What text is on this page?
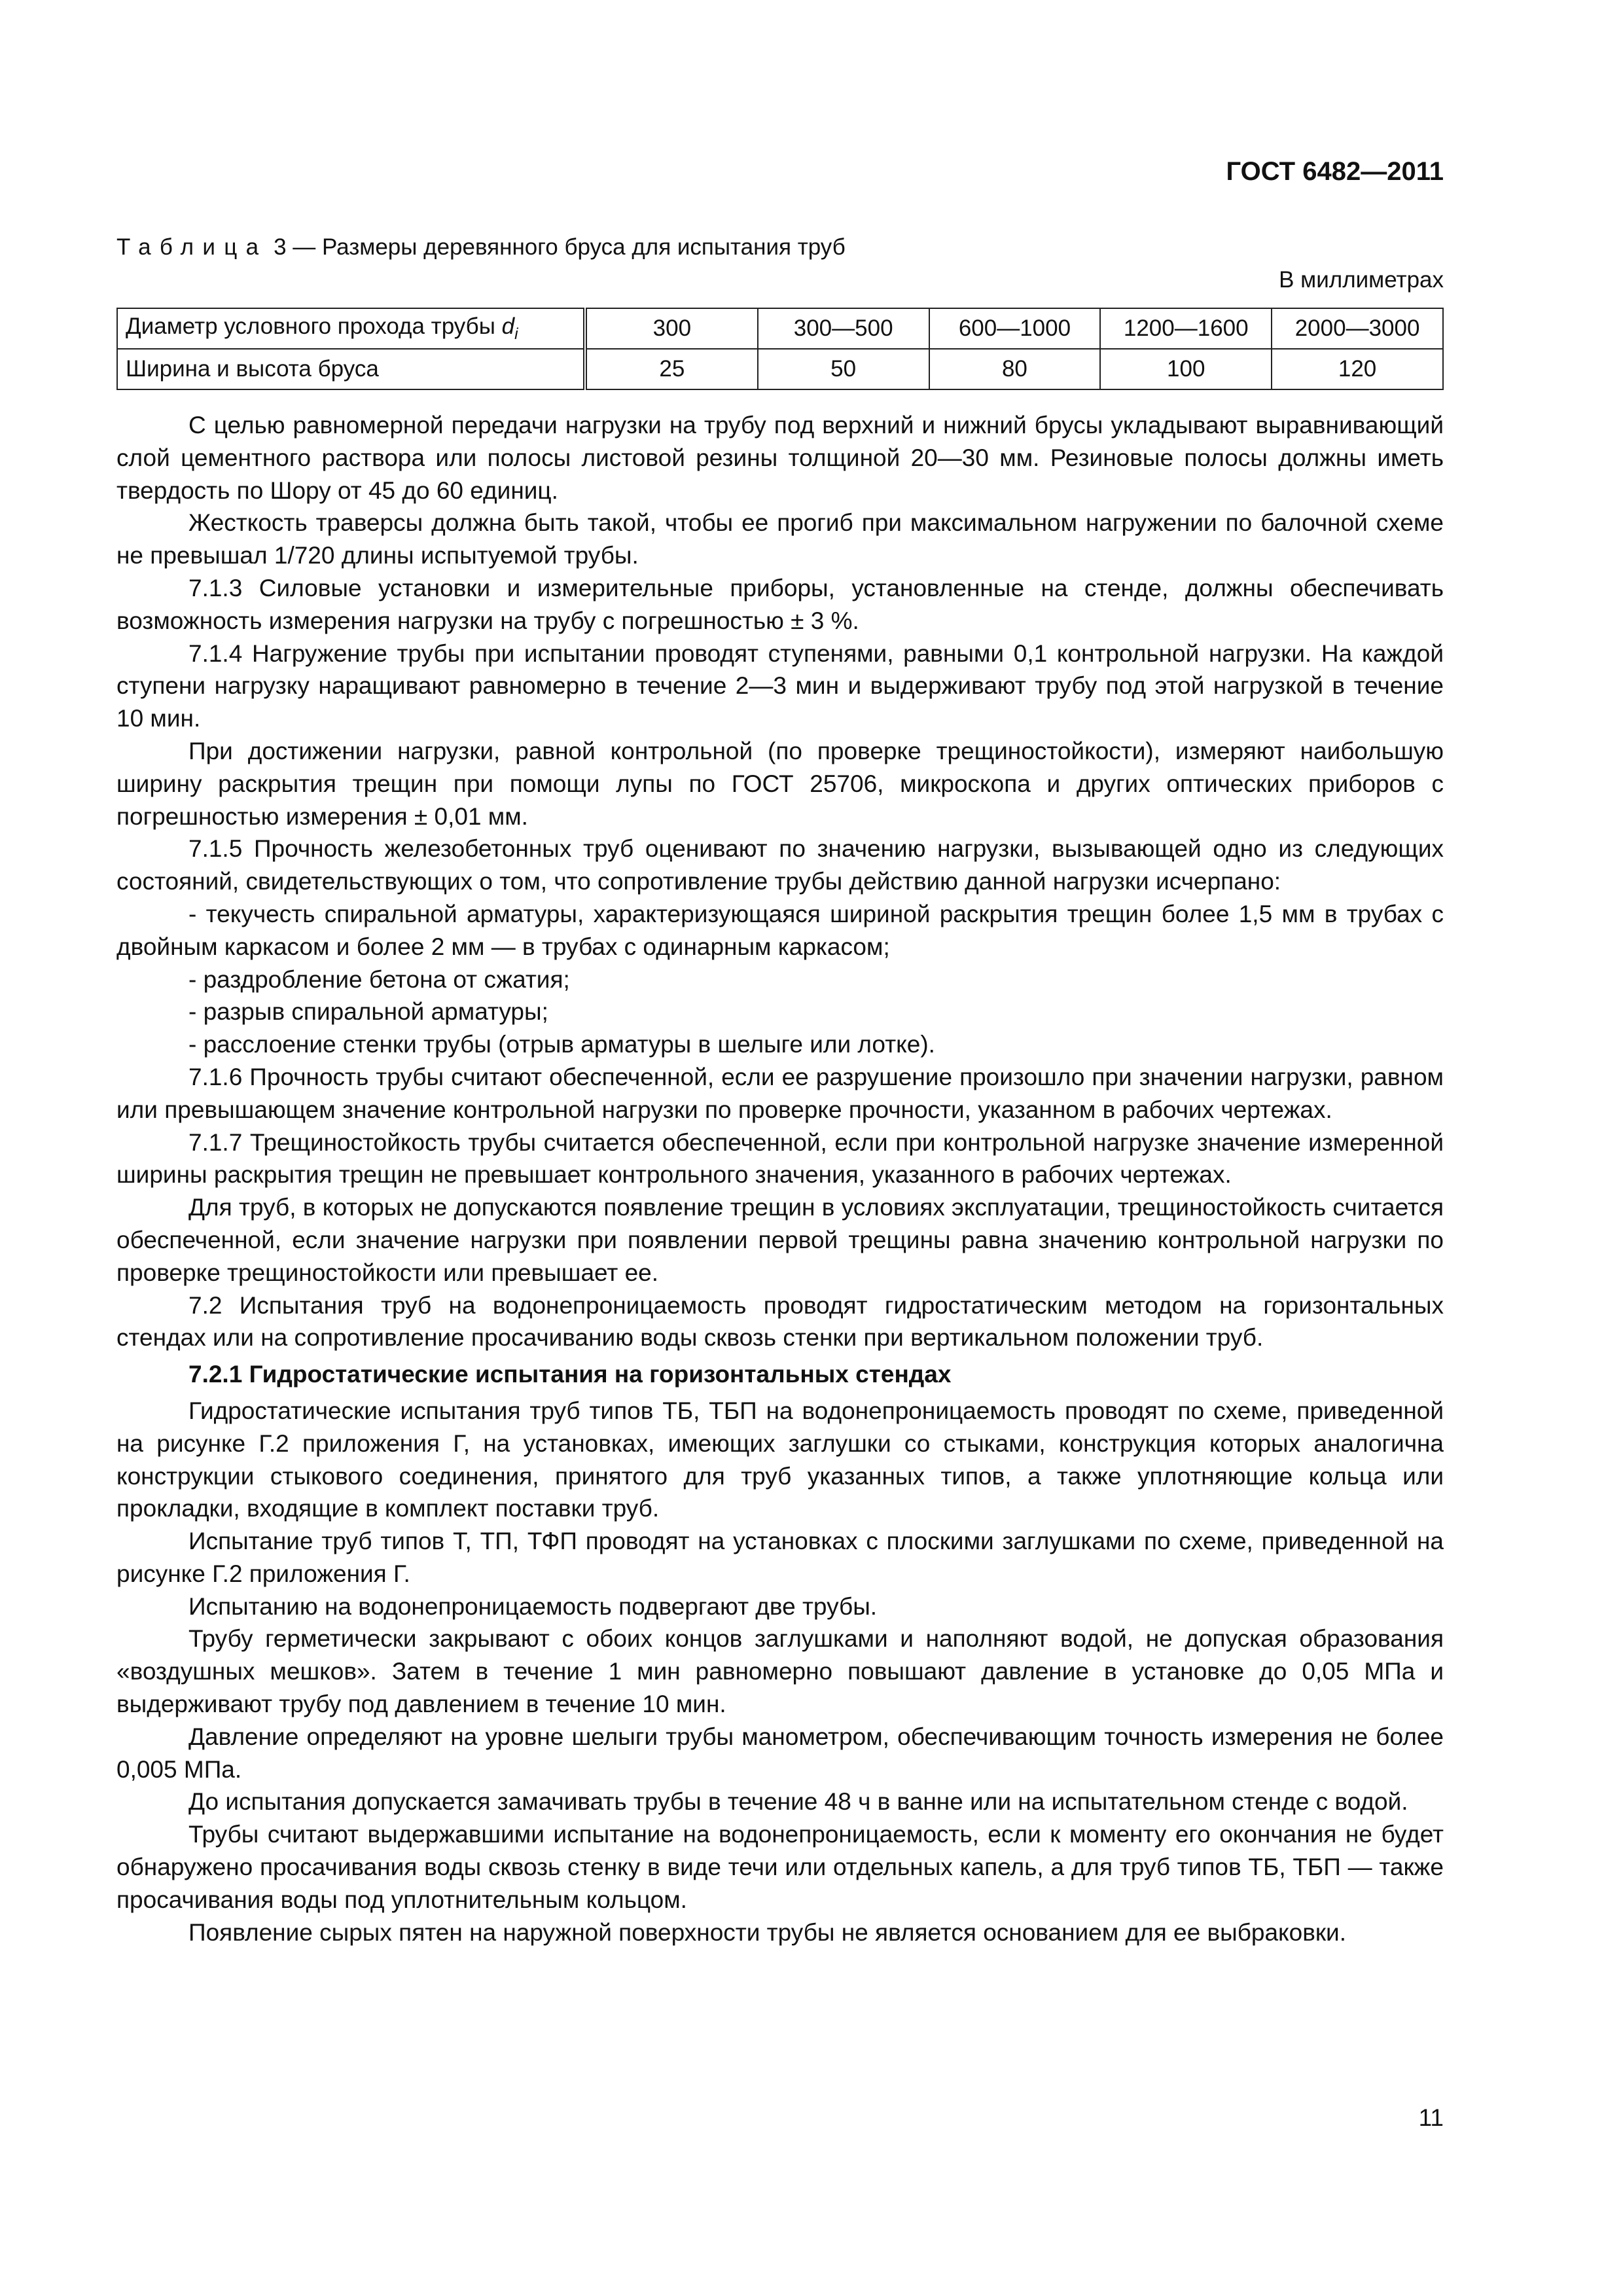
ГОСТ 6482—2011
Таблица 3 — Размеры деревянного бруса для испытания труб
В миллиметрах
Диаметр условного прохода трубы $d_i$	300	300—500	600—1000	1200—1600	2000—3000
Ширина и высота бруса	25	50	80	100	120

С целью равномерной передачи нагрузки на трубу под верхний и нижний брусы укладывают выравнивающий слой цементного раствора или полосы листовой резины толщиной 20—30 мм. Резиновые полосы должны иметь твердость по Шору от 45 до 60 единиц.

Жесткость траверсы должна быть такой, чтобы ее прогиб при максимальном нагружении по балочной схеме не превышал 1/720 длины испытуемой трубы.

7.1.3 Силовые установки и измерительные приборы, установленные на стенде, должны обеспечивать возможность измерения нагрузки на трубу с погрешностью ± 3 %.

7.1.4 Нагружение трубы при испытании проводят ступенями, равными 0,1 контрольной нагрузки. На каждой ступени нагрузку наращивают равномерно в течение 2—3 мин и выдерживают трубу под этой нагрузкой в течение 10 мин.

При достижении нагрузки, равной контрольной (по проверке трещиностойкости), измеряют наибольшую ширину раскрытия трещин при помощи лупы по ГОСТ 25706, микроскопа и других оптических приборов с погрешностью измерения ± 0,01 мм.

7.1.5 Прочность железобетонных труб оценивают по значению нагрузки, вызывающей одно из следующих состояний, свидетельствующих о том, что сопротивление трубы действию данной нагрузки исчерпано:

- текучесть спиральной арматуры, характеризующаяся шириной раскрытия трещин более 1,5 мм в трубах с двойным каркасом и более 2 мм — в трубах с одинарным каркасом;

- раздробление бетона от сжатия;

- разрыв спиральной арматуры;

- расслоение стенки трубы (отрыв арматуры в шелыге или лотке).

7.1.6 Прочность трубы считают обеспеченной, если ее разрушение произошло при значении нагрузки, равном или превышающем значение контрольной нагрузки по проверке прочности, указанном в рабочих чертежах.

7.1.7 Трещиностойкость трубы считается обеспеченной, если при контрольной нагрузке значение измеренной ширины раскрытия трещин не превышает контрольного значения, указанного в рабочих чертежах.

Для труб, в которых не допускаются появление трещин в условиях эксплуатации, трещиностойкость считается обеспеченной, если значение нагрузки при появлении первой трещины равна значению контрольной нагрузки по проверке трещиностойкости или превышает ее.

7.2 Испытания труб на водонепроницаемость проводят гидростатическим методом на горизонтальных стендах или на сопротивление просачиванию воды сквозь стенки при вертикальном положении труб.

7.2.1 Гидростатические испытания на горизонтальных стендах

Гидростатические испытания труб типов ТБ, ТБП на водонепроницаемость проводят по схеме, приведенной на рисунке Г.2 приложения Г, на установках, имеющих заглушки со стыками, конструкция которых аналогична конструкции стыкового соединения, принятого для труб указанных типов, а также уплотняющие кольца или прокладки, входящие в комплект поставки труб.

Испытание труб типов Т, ТП, ТФП проводят на установках с плоскими заглушками по схеме, приведенной на рисунке Г.2 приложения Г.

Испытанию на водонепроницаемость подвергают две трубы.

Трубу герметически закрывают с обоих концов заглушками и наполняют водой, не допуская образования «воздушных мешков». Затем в течение 1 мин равномерно повышают давление в установке до 0,05 МПа и выдерживают трубу под давлением в течение 10 мин.

Давление определяют на уровне шелыги трубы манометром, обеспечивающим точность измерения не более 0,005 МПа.

До испытания допускается замачивать трубы в течение 48 ч в ванне или на испытательном стенде с водой.

Трубы считают выдержавшими испытание на водонепроницаемость, если к моменту его окончания не будет обнаружено просачивания воды сквозь стенку в виде течи или отдельных капель, а для труб типов ТБ, ТБП — также просачивания воды под уплотнительным кольцом.

Появление сырых пятен на наружной поверхности трубы не является основанием для ее выбраковки.

11
